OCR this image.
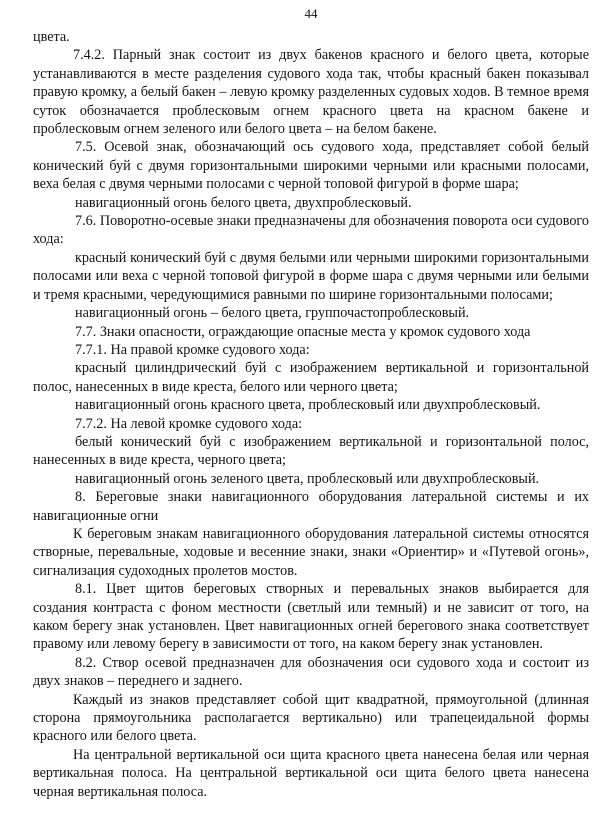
44

цвета.

7.4.2. Парный знак состоит из двух бакенов красного и белого цвета, которые устанавливаются в месте разделения судового хода так, чтобы красный бакен показывал правую кромку, а белый бакен – левую кромку разделенных судовых ходов. В темное время суток обозначается проблесковым огнем красного цвета на красном бакене и проблесковым огнем зеленого или белого цвета – на белом бакене.

7.5. Осевой знак, обозначающий ось судового хода, представляет собой белый конический буй с двумя горизонтальными широкими черными или красными полосами, веха белая с двумя черными полосами с черной топовой фигурой в форме шара;

навигационный огонь белого цвета, двухпроблесковый.

7.6. Поворотно-осевые знаки предназначены для обозначения поворота оси судового хода:

красный конический буй с двумя белыми или черными широкими горизонтальными полосами или веха с черной топовой фигурой в форме шара с двумя черными или белыми и тремя красными, чередующимися равными по ширине горизонтальными полосами;

навигационный огонь – белого цвета, группочастопроблесковый.

7.7. Знаки опасности, ограждающие опасные места у кромок судового хода

7.7.1. На правой кромке судового хода:

красный цилиндрический буй с изображением вертикальной и горизонтальной полос, нанесенных в виде креста, белого или черного цвета;

навигационный огонь красного цвета, проблесковый или двухпроблесковый.

7.7.2. На левой кромке судового хода:

белый конический буй с изображением вертикальной и горизонтальной полос, нанесенных в виде креста, черного цвета;

навигационный огонь зеленого цвета, проблесковый или двухпроблесковый.

8. Береговые знаки навигационного оборудования латеральной системы и их навигационные огни

К береговым знакам навигационного оборудования латеральной системы относятся створные, перевальные, ходовые и весенние знаки, знаки «Ориентир» и «Путевой огонь», сигнализация судоходных пролетов мостов.

8.1. Цвет щитов береговых створных и перевальных знаков выбирается для создания контраста с фоном местности (светлый или темный) и не зависит от того, на каком берегу знак установлен. Цвет навигационных огней берегового знака соответствует правому или левому берегу в зависимости от того, на каком берегу знак установлен.

8.2. Створ осевой предназначен для обозначения оси судового хода и состоит из двух знаков – переднего и заднего.

Каждый из знаков представляет собой щит квадратной, прямоугольной (длинная сторона прямоугольника располагается вертикально) или трапецеидальной формы красного или белого цвета.

На центральной вертикальной оси щита красного цвета нанесена белая или черная вертикальная полоса. На центральной вертикальной оси щита белого цвета нанесена черная вертикальная полоса.
